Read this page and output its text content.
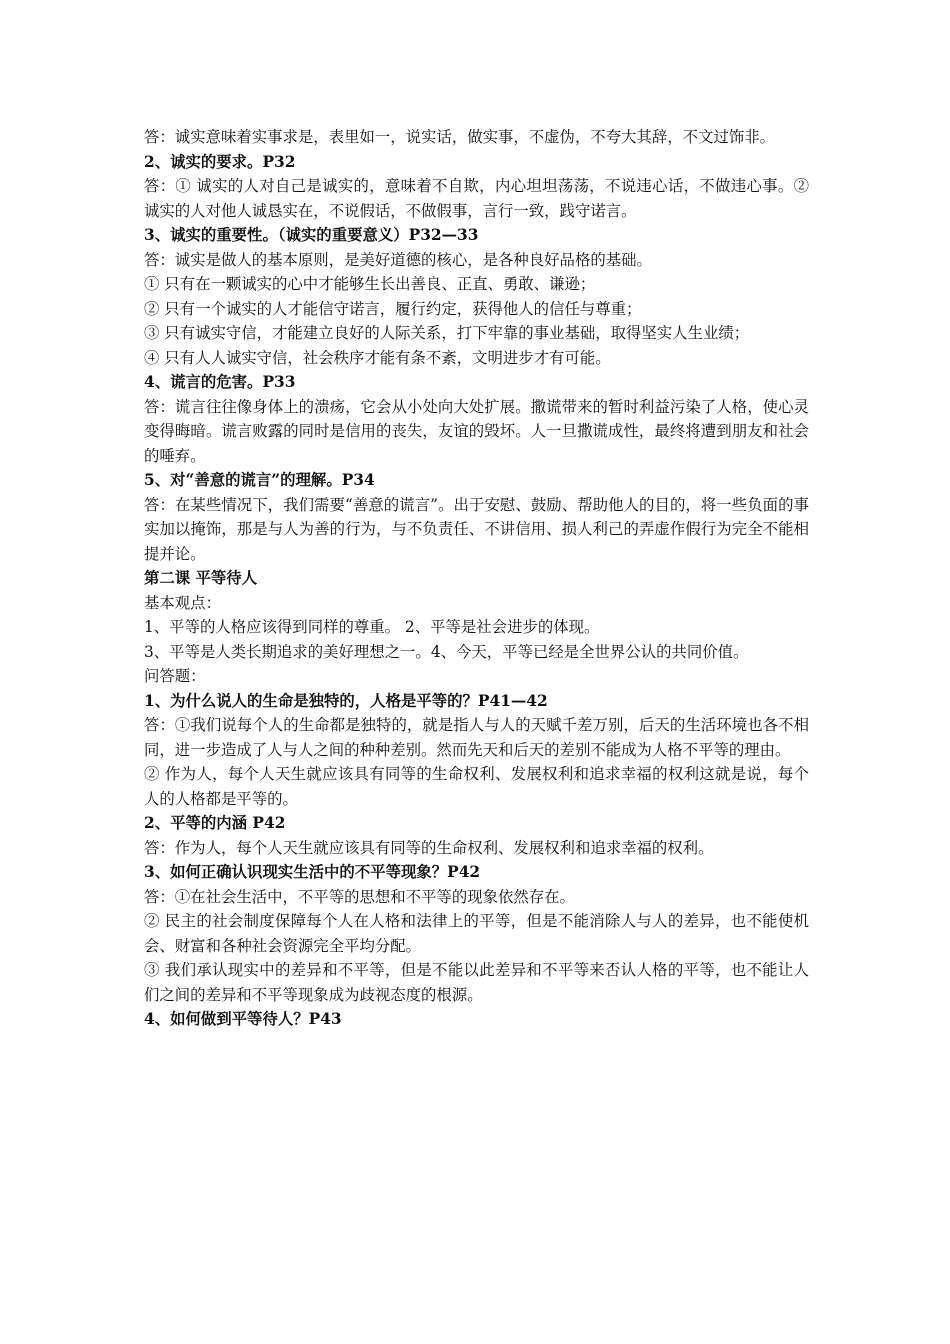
答：诚实意味着实事求是，表里如一，说实话，做实事，不虚伪，不夸大其辞，不文过饰非。

2、诚实的要求。P32

答：① 诚实的人对自己是诚实的，意味着不自欺，内心坦坦荡荡，不说违心话，不做违心事。② 诚实的人对他人诚恳实在，不说假话，不做假事，言行一致，践守诺言。

3、诚实的重要性。（诚实的重要意义）P32—33

答：诚实是做人的基本原则，是美好道德的核心，是各种良好品格的基础。

① 只有在一颗诚实的心中才能够生长出善良、正直、勇敢、谦逊；

② 只有一个诚实的人才能信守诺言，履行约定，获得他人的信任与尊重；

③ 只有诚实守信，才能建立良好的人际关系，打下牢靠的事业基础，取得坚实人生业绩；

④ 只有人人诚实守信，社会秩序才能有条不紊，文明进步才有可能。

4、谎言的危害。P33

答：谎言往往像身体上的溃疡，它会从小处向大处扩展。撒谎带来的暂时利益污染了人格，使心灵变得晦暗。谎言败露的同时是信用的丧失，友谊的毁坏。人一旦撒谎成性，最终将遭到朋友和社会的唾弃。

5、对“善意的谎言”的理解。P34

答：在某些情况下，我们需要“善意的谎言”。出于安慰、鼓励、帮助他人的目的，将一些负面的事实加以掩饰，那是与人为善的行为，与不负责任、不讲信用、损人利己的弄虚作假行为完全不能相提并论。

第二课 平等待人

基本观点：

1、平等的人格应该得到同样的尊重。 2、平等是社会进步的体现。

3、平等是人类长期追求的美好理想之一。4、今天，平等已经是全世界公认的共同价值。

问答题：

1、为什么说人的生命是独特的，人格是平等的？P41—42

答：①我们说每个人的生命都是独特的，就是指人与人的天赋千差万别，后天的生活环境也各不相同，进一步造成了人与人之间的种种差别。然而先天和后天的差别不能成为人格不平等的理由。

② 作为人，每个人天生就应该具有同等的生命权利、发展权利和追求幸福的权利这就是说，每个人的人格都是平等的。

2、平等的内涵 P42

答：作为人，每个人天生就应该具有同等的生命权利、发展权利和追求幸福的权利。

3、如何正确认识现实生活中的不平等现象？P42

答：①在社会生活中，不平等的思想和不平等的现象依然存在。

② 民主的社会制度保障每个人在人格和法律上的平等，但是不能消除人与人的差异，也不能使机会、财富和各种社会资源完全平均分配。

③ 我们承认现实中的差异和不平等，但是不能以此差异和不平等来否认人格的平等，也不能让人们之间的差异和不平等现象成为歧视态度的根源。

4、如何做到平等待人？P43
